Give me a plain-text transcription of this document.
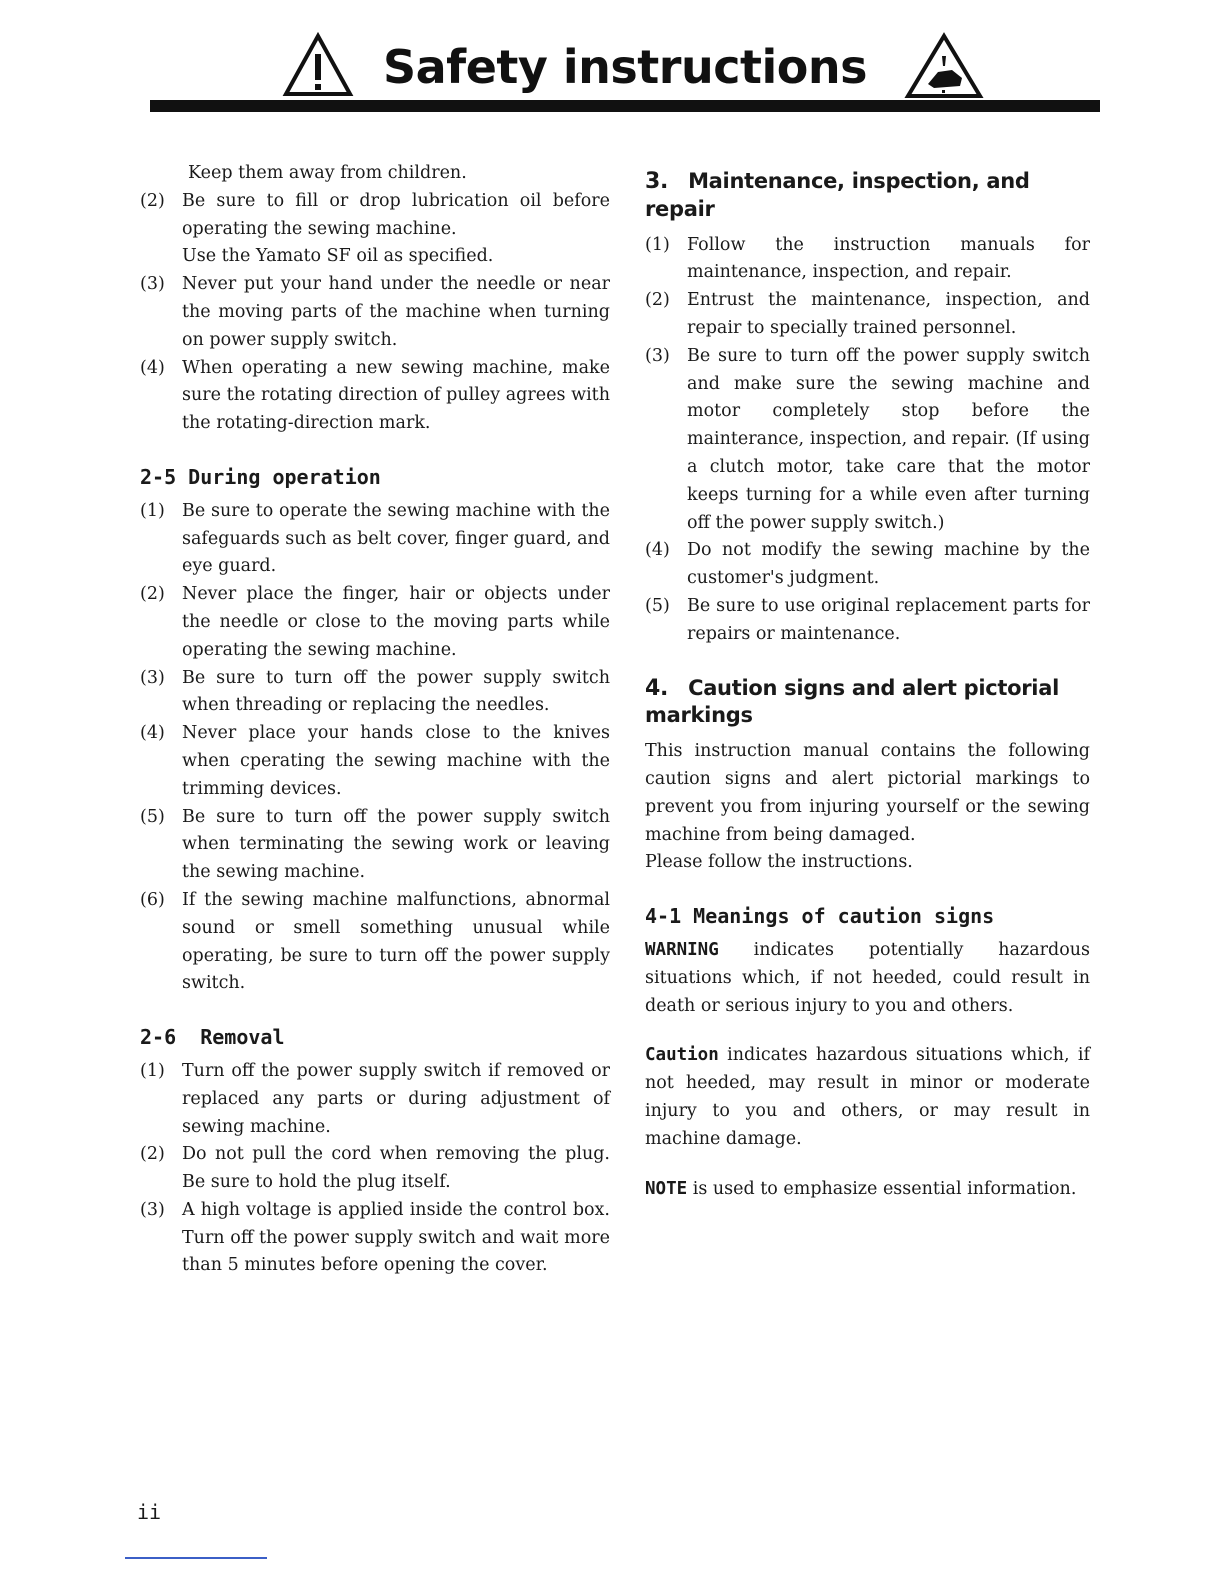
Safety instructions
Keep them away from children.
(2) Be sure to fill or drop lubrication oil before operating the sewing machine.
Use the Yamato SF oil as specified.
(3) Never put your hand under the needle or near the moving parts of the machine when turning on power supply switch.
(4) When operating a new sewing machine, make sure the rotating direction of pulley agrees with the rotating-direction mark.
2-5 During operation
(1) Be sure to operate the sewing machine with the safeguards such as belt cover, finger guard, and eye guard.
(2) Never place the finger, hair or objects under the needle or close to the moving parts while operating the sewing machine.
(3) Be sure to turn off the power supply switch when threading or replacing the needles.
(4) Never place your hands close to the knives when cperating the sewing machine with the trimming devices.
(5) Be sure to turn off the power supply switch when terminating the sewing work or leaving the sewing machine.
(6) If the sewing machine malfunctions, abnormal sound or smell something unusual while operating, be sure to turn off the power supply switch.
2-6  Removal
(1) Turn off the power supply switch if removed or replaced any parts or during adjustment of sewing machine.
(2) Do not pull the cord when removing the plug. Be sure to hold the plug itself.
(3) A high voltage is applied inside the control box. Turn off the power supply switch and wait more than 5 minutes before opening the cover.
3. Maintenance, inspection, and repair
(1) Follow the instruction manuals for maintenance, inspection, and repair.
(2) Entrust the maintenance, inspection, and repair to specially trained personnel.
(3) Be sure to turn off the power supply switch and make sure the sewing machine and motor completely stop before the mainterance, inspection, and repair. (If using a clutch motor, take care that the motor keeps turning for a while even after turning off the power supply switch.)
(4) Do not modify the sewing machine by the customer's judgment.
(5) Be sure to use original replacement parts for repairs or maintenance.
4. Caution signs and alert pictorial markings
This instruction manual contains the following caution signs and alert pictorial markings to prevent you from injuring yourself or the sewing machine from being damaged.
Please follow the instructions.
4-1 Meanings of caution signs
WARNING indicates potentially hazardous situations which, if not heeded, could result in death or serious injury to you and others.
Caution indicates hazardous situations which, if not heeded, may result in minor or moderate injury to you and others, or may result in machine damage.
NOTE is used to emphasize essential information.
ii
